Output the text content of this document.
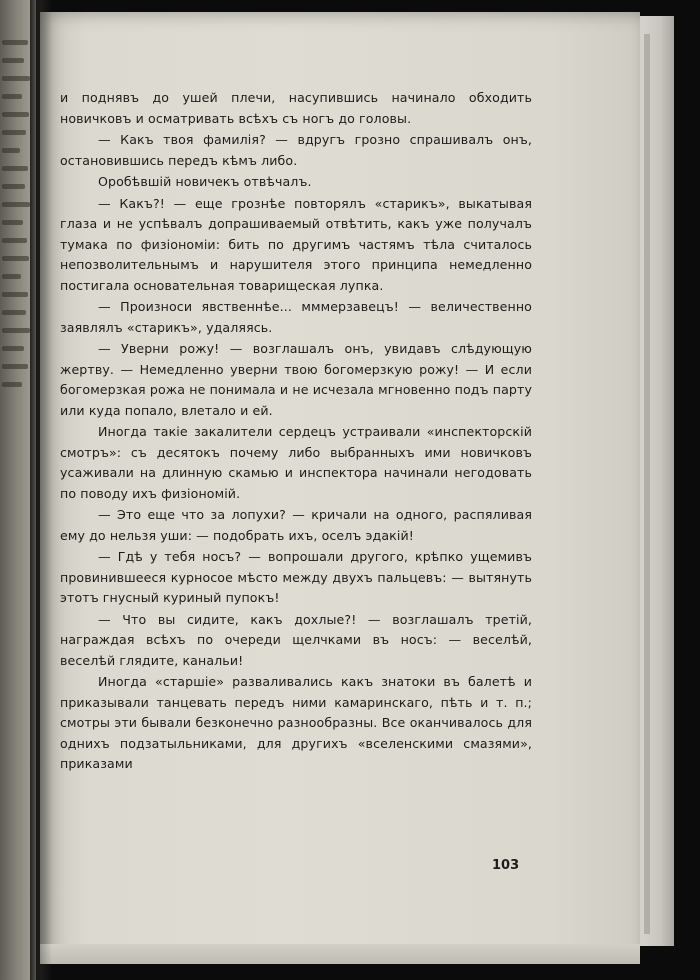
и поднявъ до ушей плечи, насупившись начинало обходить новичковъ и осматривать всѣхъ съ ногъ до головы.

— Какъ твоя фамилія? — вдругъ грозно спрашивалъ онъ, остановившись передъ кѣмъ либо.

Оробѣвшій новичекъ отвѣчалъ.

— Какъ?! — еще грознѣе повторялъ «старикъ», выкатывая глаза и не успѣвалъ допрашиваемый отвѣтить, какъ уже получалъ тумака по физіономіи: бить по другимъ частямъ тѣла считалось непозволительнымъ и нарушителя этого принципа немедленно постигала основательная товарищеская лупка.

— Произноси явственнѣе... мммерзавецъ! — величественно заявлялъ «старикъ», удаляясь.

— Уверни рожу! — возглашалъ онъ, увидавъ слѣдующую жертву. — Немедленно уверни твою богомерзкую рожу! — И если богомерзкая рожа не понимала и не исчезала мгновенно подъ парту или куда попало, влетало и ей.

Иногда такіе закалители сердецъ устраивали «инспекторскій смотръ»: съ десятокъ почему либо выбранныхъ ими новичковъ усаживали на длинную скамью и инспектора начинали негодовать по поводу ихъ физіономій.

— Это еще что за лопухи? — кричали на одного, распяливая ему до нельзя уши: — подобрать ихъ, оселъ эдакій!

— Гдѣ у тебя носъ? — вопрошали другого, крѣпко ущемивъ провинившееся курносое мѣсто между двухъ пальцевъ: — вытянуть этотъ гнусный куриный пупокъ!

— Что вы сидите, какъ дохлые?! — возглашалъ третій, награждая всѣхъ по очереди щелчками въ носъ: — веселѣй, веселѣй глядите, канальи!

Иногда «старшіе» разваливались какъ знатоки въ балетѣ и приказывали танцевать передъ ними камаринскаго, пѣть и т. п.; смотры эти бывали безконечно разнообразны. Все оканчивалось для однихъ подзатыльниками, для другихъ «вселенскими смазями», приказами

103
